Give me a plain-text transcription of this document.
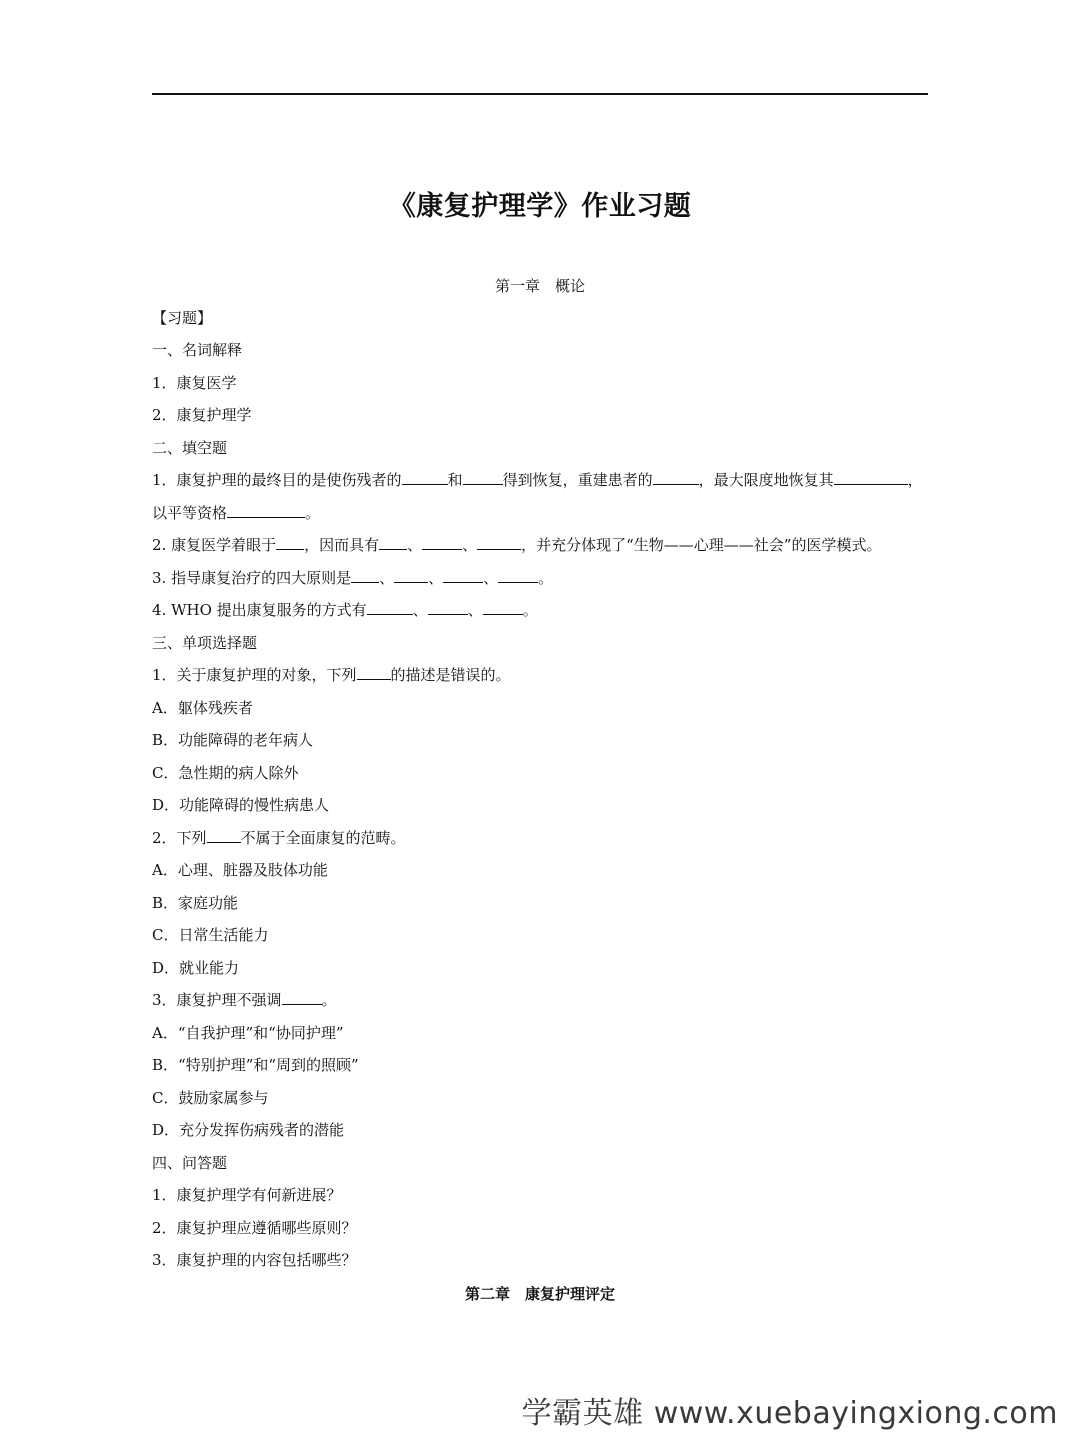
《康复护理学》作业习题
第一章　概论
【习题】
一、名词解释
1．康复医学
2．康复护理学
二、填空题
1．康复护理的最终目的是使伤残者的	和	得到恢复，重建患者的	，最大限度地恢复其	，
以平等资格	。
2. 康复医学着眼于 ，因而具有 、	、	，并充分体现了“生物——心理——社会”的医学模式。
3. 指导康复治疗的四大原则是 、 、	、	。
4. WHO 提出康复服务的方式有	、	、	。
三、单项选择题
1．关于康复护理的对象，下列 的描述是错误的。
A．躯体残疾者
B．功能障碍的老年病人
C．急性期的病人除外
D．功能障碍的慢性病患人
2．下列 不属于全面康复的范畴。
A．心理、脏器及肢体功能
B．家庭功能
C．日常生活能力
D．就业能力
3．康复护理不强调	。
A．“自我护理”和“协同护理”
B．“特别护理”和“周到的照顾”
C．鼓励家属参与
D．充分发挥伤病残者的潜能
四、问答题
1．康复护理学有何新进展？
2．康复护理应遵循哪些原则？
3．康复护理的内容包括哪些？
第二章　康复护理评定
学霸英雄 www.xuebayingxiong.com
